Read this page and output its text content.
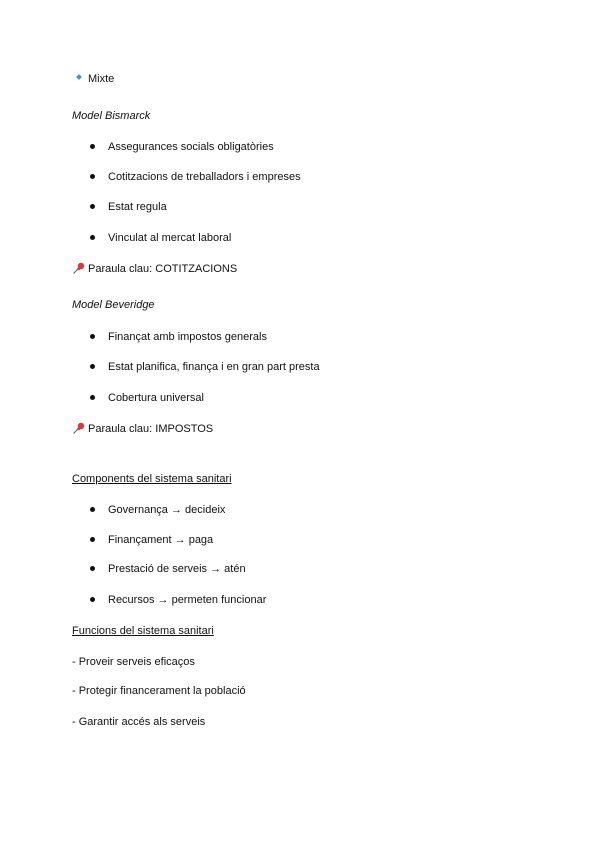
Mixte
Model Bismarck
Assegurances socials obligatòries
Cotitzacions de treballadors i empreses
Estat regula
Vinculat al mercat laboral
Paraula clau: COTITZACIONS
Model Beveridge
Finançat amb impostos generals
Estat planifica, finança i en gran part presta
Cobertura universal
Paraula clau: IMPOSTOS
Components del sistema sanitari
Governança → decideix
Finançament → paga
Prestació de serveis → atén
Recursos → permeten funcionar
Funcions del sistema sanitari
- Proveir serveis eficaços
- Protegir financerament la població
- Garantir accés als serveis
